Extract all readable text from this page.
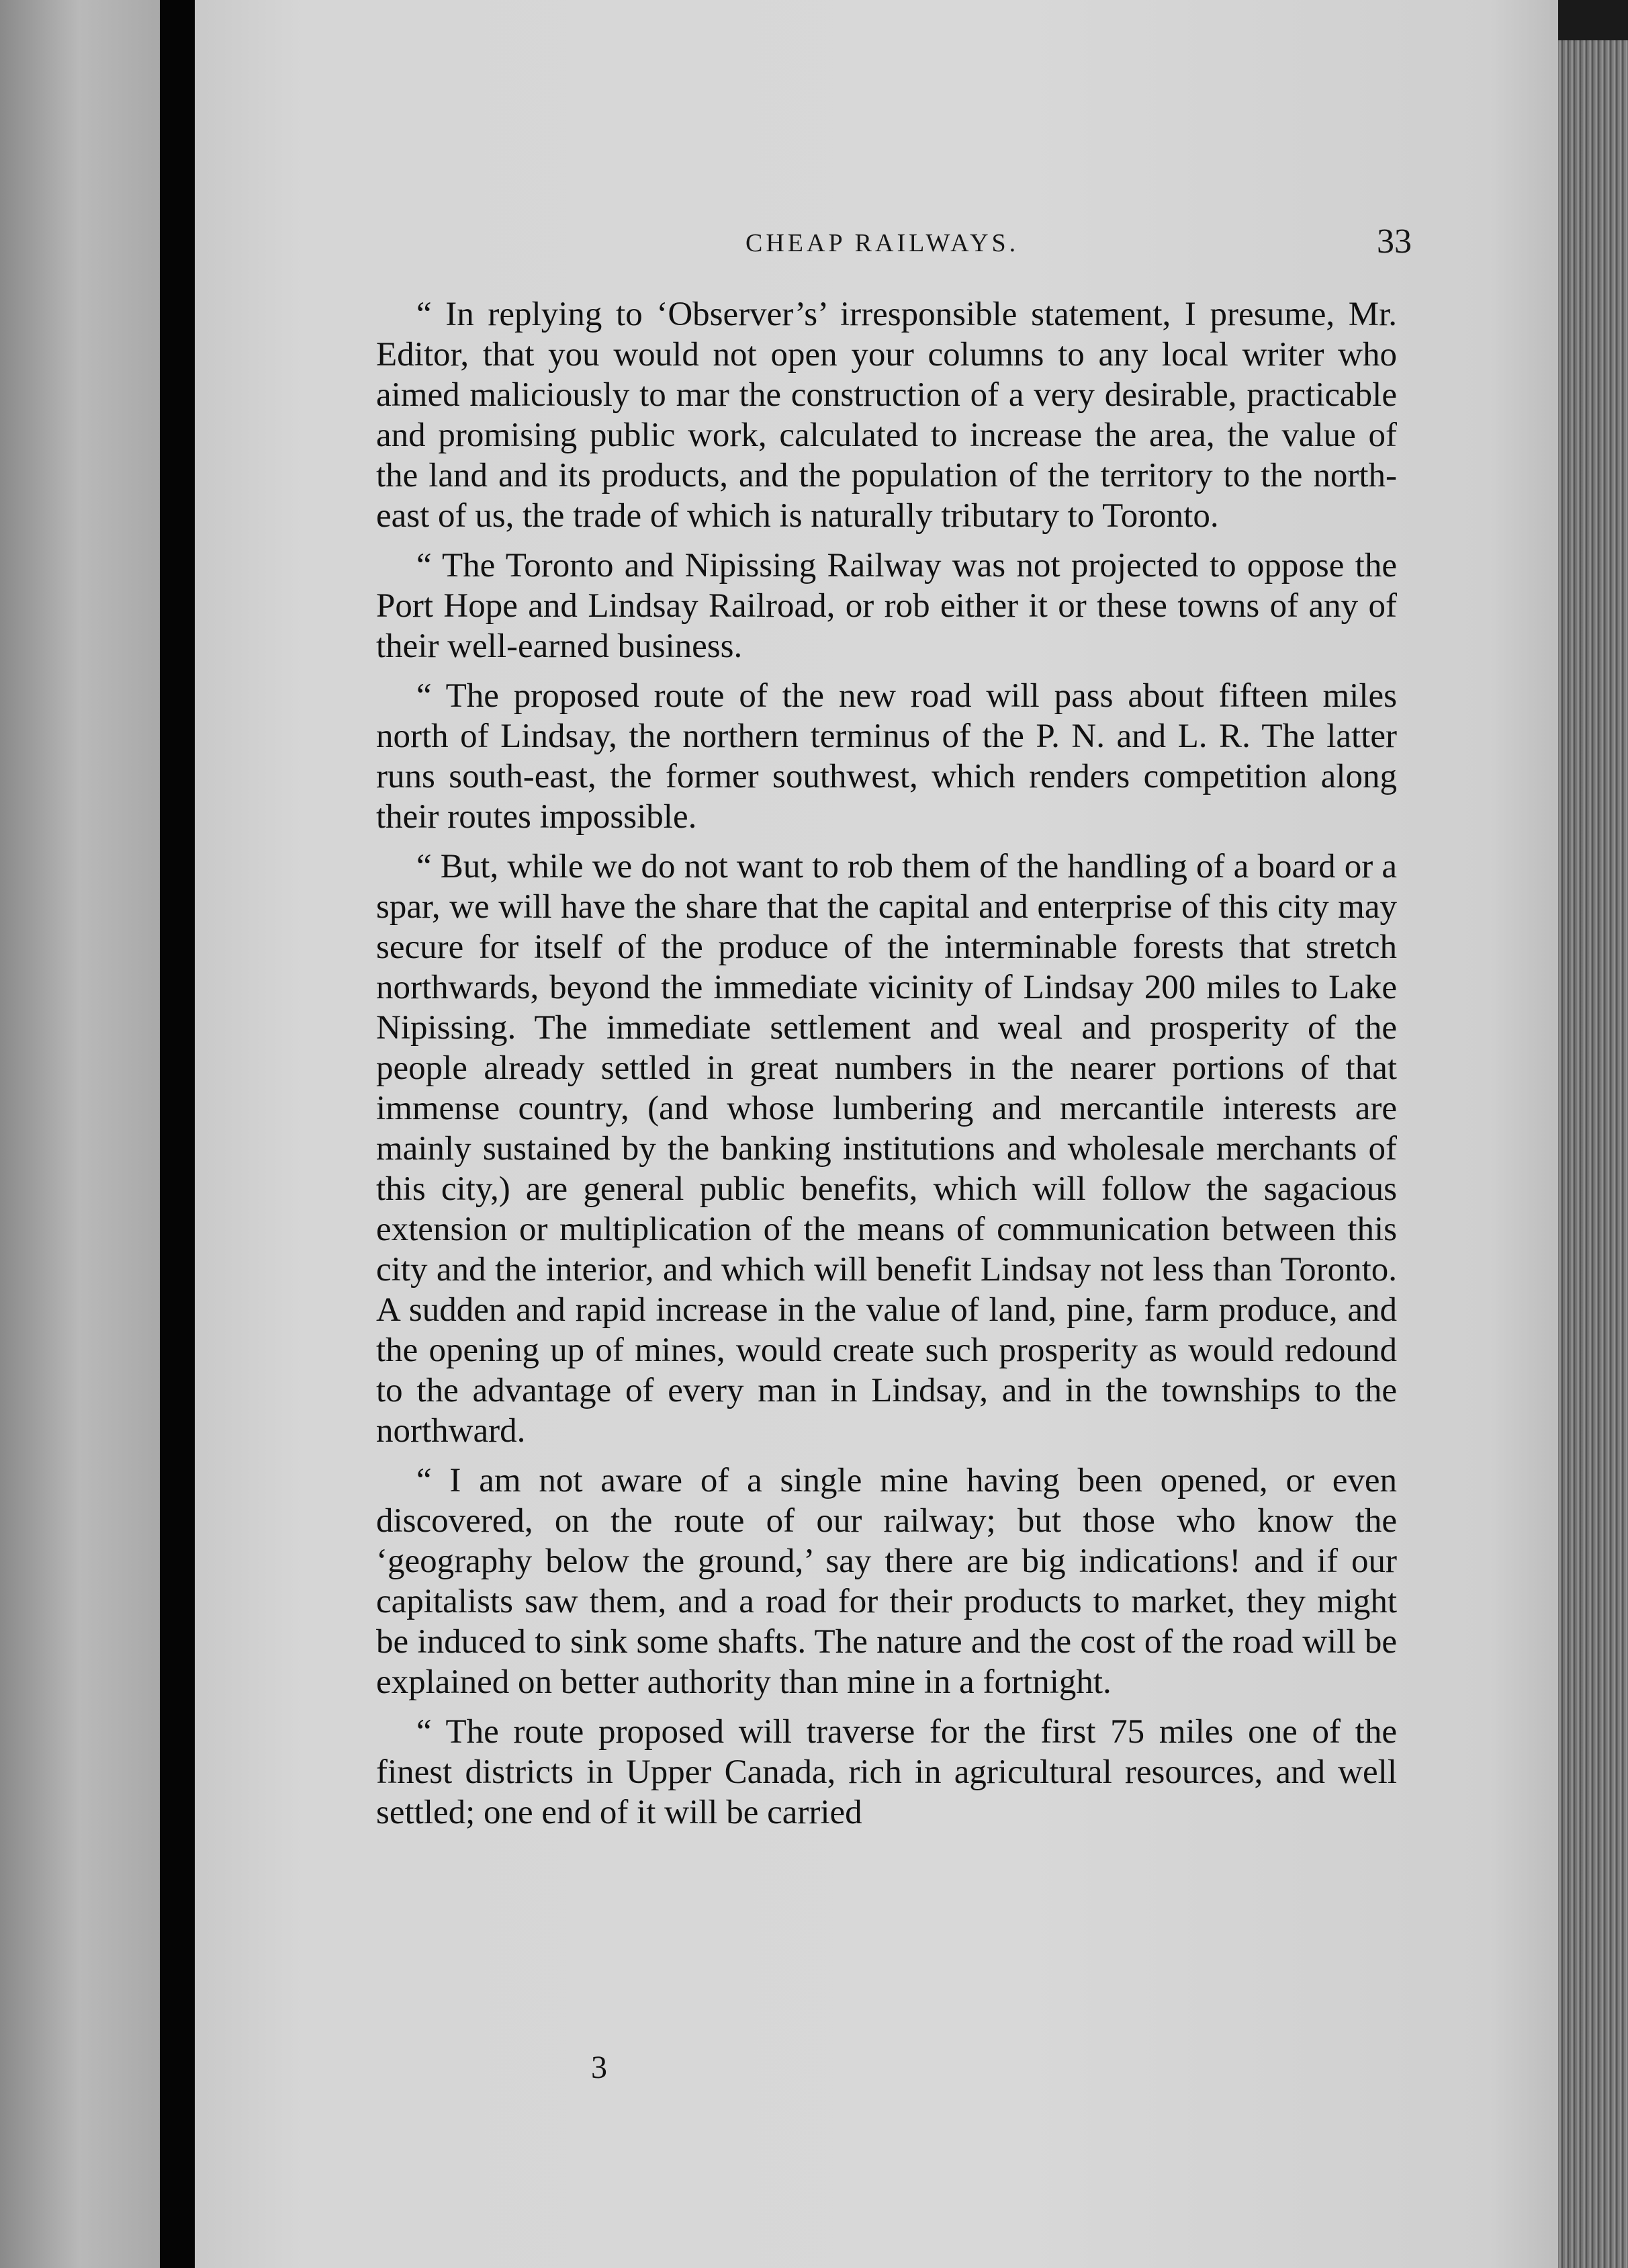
CHEAP RAILWAYS.	33

“ In replying to ‘Observer’s’ irresponsible statement, I presume, Mr. Editor, that you would not open your columns to any local writer who aimed maliciously to mar the construction of a very desirable, practicable and promising public work, calculated to increase the area, the value of the land and its products, and the population of the territory to the north-east of us, the trade of which is naturally tributary to Toronto.

“ The Toronto and Nipissing Railway was not projected to oppose the Port Hope and Lindsay Railroad, or rob either it or these towns of any of their well-earned business.

“ The proposed route of the new road will pass about fifteen miles north of Lindsay, the northern terminus of the P. N. and L. R. The latter runs south-east, the former southwest, which renders competition along their routes impossible.

“ But, while we do not want to rob them of the handling of a board or a spar, we will have the share that the capital and enterprise of this city may secure for itself of the produce of the interminable forests that stretch northwards, beyond the immediate vicinity of Lindsay 200 miles to Lake Nipissing. The immediate settlement and weal and prosperity of the people already settled in great numbers in the nearer portions of that immense country, (and whose lumbering and mercantile interests are mainly sustained by the banking institutions and wholesale merchants of this city,) are general public benefits, which will follow the sagacious extension or multiplication of the means of communication between this city and the interior, and which will benefit Lindsay not less than Toronto. A sudden and rapid increase in the value of land, pine, farm produce, and the opening up of mines, would create such prosperity as would redound to the advantage of every man in Lindsay, and in the townships to the northward.

“ I am not aware of a single mine having been opened, or even discovered, on the route of our railway; but those who know the ‘geography below the ground,’ say there are big indications! and if our capitalists saw them, and a road for their products to market, they might be induced to sink some shafts. The nature and the cost of the road will be explained on better authority than mine in a fortnight.

“ The route proposed will traverse for the first 75 miles one of the finest districts in Upper Canada, rich in agricultural resources, and well settled; one end of it will be carried

3
